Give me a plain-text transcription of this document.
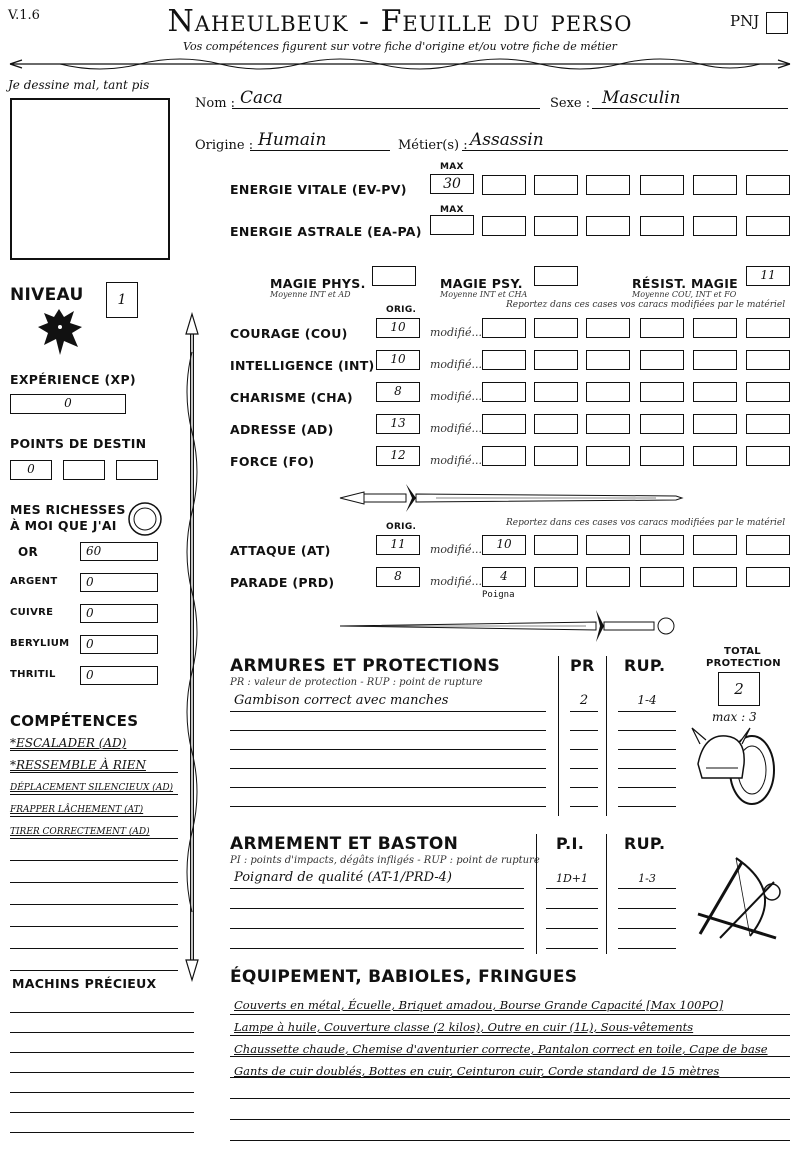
V.1.6	Naheulbeuk - Feuille du perso
Vos compétences figurent sur votre fiche d'origine et/ou votre fiche de métier
PNJ
Je dessine mal, tant pis
Nom : Caca	Sexe : Masculin
Origine : Humain	Métier(s) : Assassin
MAX
ENERGIE VITALE (EV-PV)	30
MAX
ENERGIE ASTRALE (EA-PA)
MAGIE PHYS.
Moyenne INT et AD
MAGIE PSY.
Moyenne INT et CHA
RÉSIST. MAGIE
Moyenne COU, INT et FO
11
NIVEAU	1
EXPÉRIENCE (XP)
0
POINTS DE DESTIN
MES RICHESSES
À MOI QUE J'AI
COMPÉTENCES
MACHINS PRÉCIEUX
ORIG.	Reportez dans ces cases vos caracs modifiées par le matériel
ORIG.	Reportez dans ces cases vos caracs modifiées par le matériel
Poigna
ARMURES ET PROTECTIONS
PR : valeur de protection - RUP : point de rupture
PR RUP.
TOTAL
PROTECTION
2
max : 3
ARMEMENT ET BASTON
PI : points d'impacts, dégâts infligés - RUP : point de rupture
P.I. RUP.
ÉQUIPEMENT, BABIOLES, FRINGUES
0
OR	60
ARGENT 0
CUIVRE	0
BERYLIUM 0
THRITIL	0
*ESCALADER (AD)
*RESSEMBLE À RIEN
DÉPLACEMENT SILENCIEUX (AD)
FRAPPER LÂCHEMENT (AT)
TIRER CORRECTEMENT (AD)
COURAGE (COU)	10	modifié...
INTELLIGENCE (INT)	10	modifié...
CHARISME (CHA)	8	modifié...
ADRESSE (AD)	13	modifié...
FORCE (FO)	12	modifié...
ATTAQUE (AT)	11	modifié...	10
PARADE (PRD)	8	modifié...	4
Gambison correct avec manches	2	1-4
Poignard de qualité (AT-1/PRD-4)	1D+1	1-3
Couverts en métal, Écuelle, Briquet amadou, Bourse Grande Capacité [Max 100PO]
Lampe à huile, Couverture classe (2 kilos), Outre en cuir (1L), Sous-vêtements
Chaussette chaude, Chemise d'aventurier correcte, Pantalon correct en toile, Cape de base
Gants de cuir doublés, Bottes en cuir, Ceinturon cuir, Corde standard de 15 mètres
